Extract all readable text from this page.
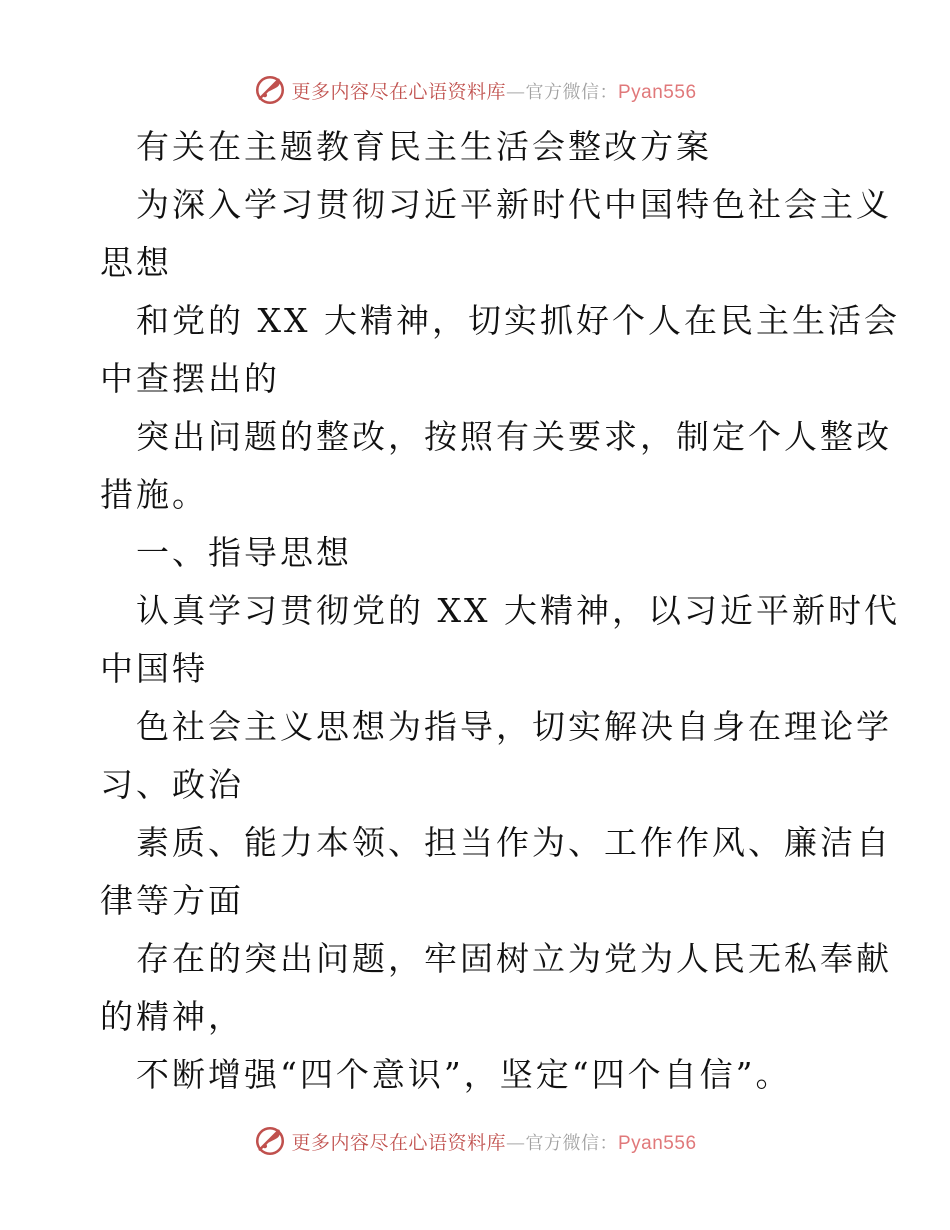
更多内容尽在心语资料库—官方微信：Pyan556
有关在主题教育民主生活会整改方案
为深入学习贯彻习近平新时代中国特色社会主义
思想
和党的 XX 大精神，切实抓好个人在民主生活会
中查摆出的
突出问题的整改，按照有关要求，制定个人整改
措施。
一、指导思想
认真学习贯彻党的 XX 大精神，以习近平新时代
中国特
色社会主义思想为指导，切实解决自身在理论学
习、政治
素质、能力本领、担当作为、工作作风、廉洁自
律等方面
存在的突出问题，牢固树立为党为人民无私奉献
的精神，
不断增强“四个意识”，坚定“四个自信”。
更多内容尽在心语资料库—官方微信：Pyan556
